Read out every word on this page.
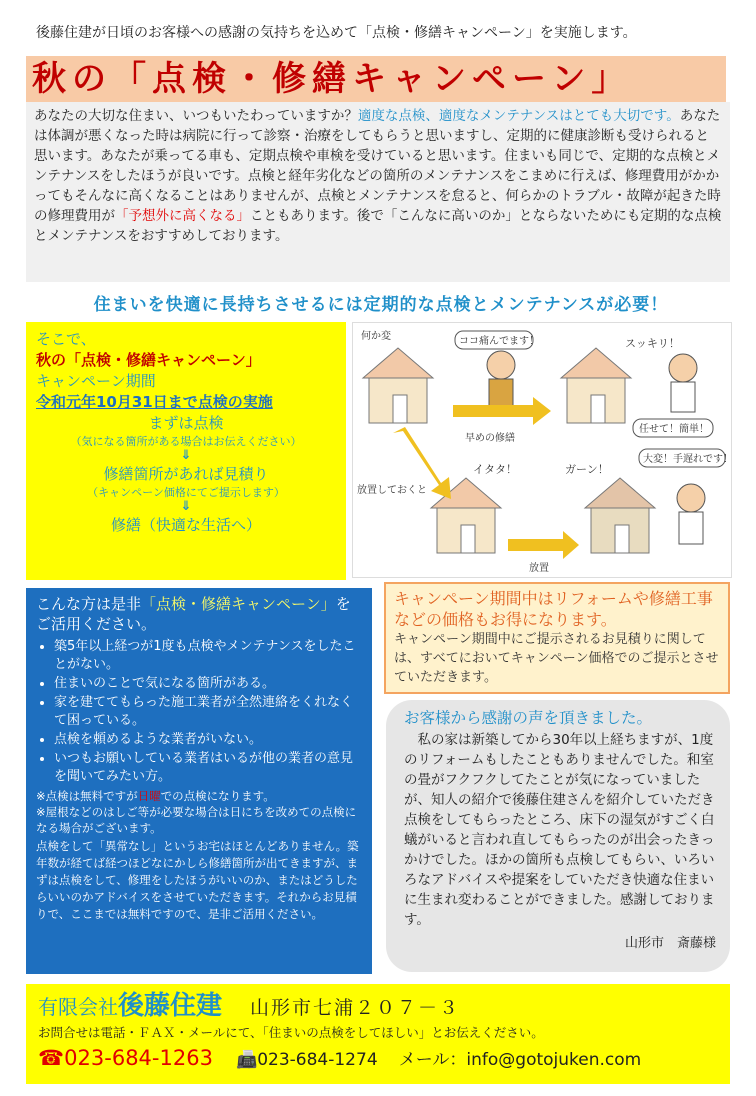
後藤住建が日頃のお客様への感謝の気持ちを込めて「点検・修繕キャンペーン」を実施します。
秋の「点検・修繕キャンペーン」
あなたの大切な住まい、いつもいたわっていますか？適度な点検、適度なメンテナンスはとても大切です。あなたは体調が悪くなった時は病院に行って診察・治療をしてもらうと思いますし、定期的に健康診断も受けられると思います。あなたが乗ってる車も、定期点検や車検を受けていると思います。住まいも同じで、定期的な点検とメンテナンスをしたほうが良いです。点検と経年劣化などの箇所のメンテナンスをこまめに行えば、修理費用がかかってもそんなに高くなることはありませんが、点検とメンテナンスを怠ると、何らかのトラブル・故障が起きた時の修理費用が「予想外に高くなる」こともあります。後で「こんなに高いのか」とならないためにも定期的な点検とメンテナンスをおすすめしております。
住まいを快適に長持ちさせるには定期的な点検とメンテナンスが必要！
そこで、
秋の「点検・修繕キャンペーン」
キャンペーン期間
令和元年10月31日まで点検の実施
まずは点検
（気になる箇所がある場合はお伝えください）
⇓
修繕箇所があれば見積り
（キャンペーン価格にてご提示します）
⇓
修繕（快適な生活へ）
何か変	ココ痛んでます！	スッキリ！
早めの修繕
任せて！簡単！
放置しておくと
イタタ！	ガーン！
大変！手遅れです！
放置
こんな方は是非「点検・修繕キャンペーン」をご活用ください。
• 築5年以上経つが1度も点検やメンテナンスをしたことがない。
• 住まいのことで気になる箇所がある。
• 家を建ててもらった施工業者が全然連絡をくれなくて困っている。
• 点検を頼めるような業者がいない。
• いつもお願いしている業者はいるが他の業者の意見を聞いてみたい方。
※点検は無料ですが日曜での点検になります。
※屋根などのはしご等が必要な場合は日にちを改めての点検になる場合がございます。
点検をして「異常なし」というお宅はほとんどありません。築年数が経てば経つほどなにかしら修繕箇所が出てきますが、まずは点検をして、修理をしたほうがいいのか、またはどうしたらいいのかアドバイスをさせていただきます。それからお見積りで、ここまでは無料ですので、是非ご活用ください。
キャンペーン期間中はリフォームや修繕工事などの価格もお得になります。
キャンペーン期間中にご提示されるお見積りに関しては、すべてにおいてキャンペーン価格でのご提示とさせていただきます。
お客様から感謝の声を頂きました。
私の家は新築してから30年以上経ちますが、1度のリフォームもしたこともありませんでした。和室の畳がフクフクしてたことが気になっていましたが、知人の紹介で後藤住建さんを紹介していただき点検をしてもらったところ、床下の湿気がすごく白蟻がいると言われ直してもらったのが出会ったきっかけでした。ほかの箇所も点検してもらい、いろいろなアドバイスや提案をしていただき快適な住まいに生まれ変わることができました。感謝しております。
山形市　斎藤様
有限会社後藤住建 山形市七浦２０７－３
お問合せは電話・ＦＡＸ・メールにて、「住まいの点検をしてほしい」とお伝えください。
☎023-684-1263 📠023-684-1274 メール：info@gotojuken.com
